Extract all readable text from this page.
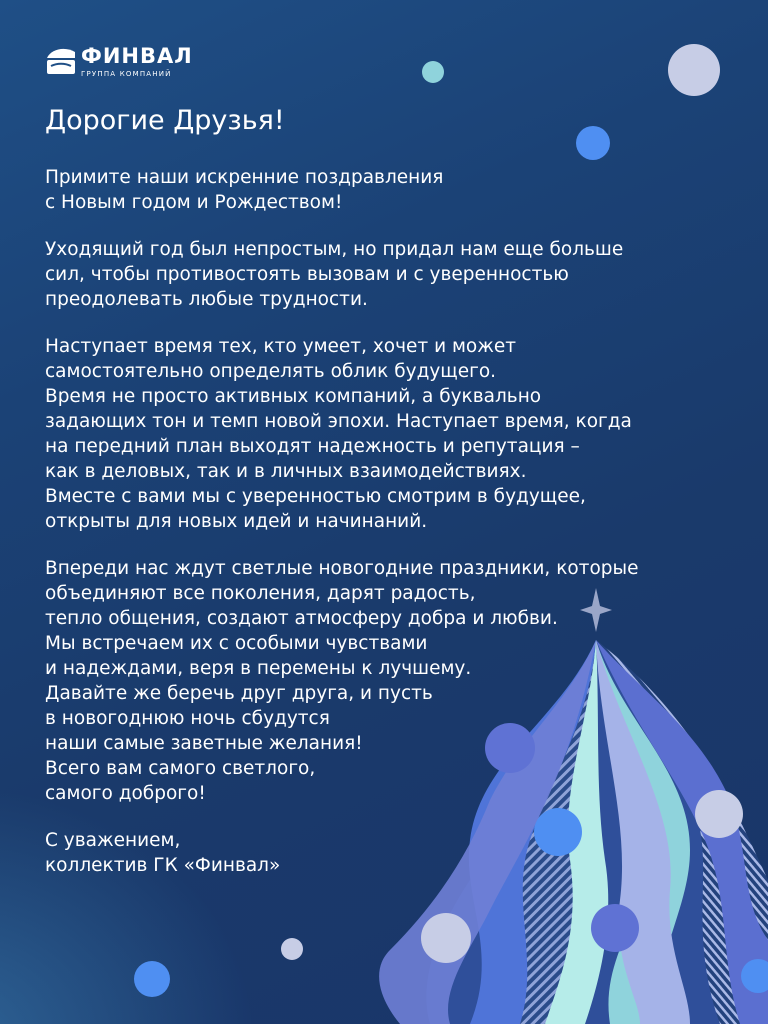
ФИНВАЛ
ГРУППА КОМПАНИЙ
Дорогие Друзья!

Примите наши искренние поздравления
с Новым годом и Рождеством!

Уходящий год был непростым, но придал нам еще больше
сил, чтобы противостоять вызовам и с уверенностью
преодолевать любые трудности.

Наступает время тех, кто умеет, хочет и может
самостоятельно определять облик будущего.
Время не просто активных компаний, а буквально
задающих тон и темп новой эпохи. Наступает время, когда
на передний план выходят надежность и репутация –
как в деловых, так и в личных взаимодействиях.
Вместе с вами мы с уверенностью смотрим в будущее,
открыты для новых идей и начинаний.

Впереди нас ждут светлые новогодние праздники, которые
объединяют все поколения, дарят радость,
тепло общения, создают атмосферу добра и любви.
Мы встречаем их с особыми чувствами
и надеждами, веря в перемены к лучшему.
Давайте же беречь друг друга, и пусть
в новогоднюю ночь сбудутся
наши самые заветные желания!
Всего вам самого светлого,
самого доброго!

С уважением,
коллектив ГК «Финвал»
